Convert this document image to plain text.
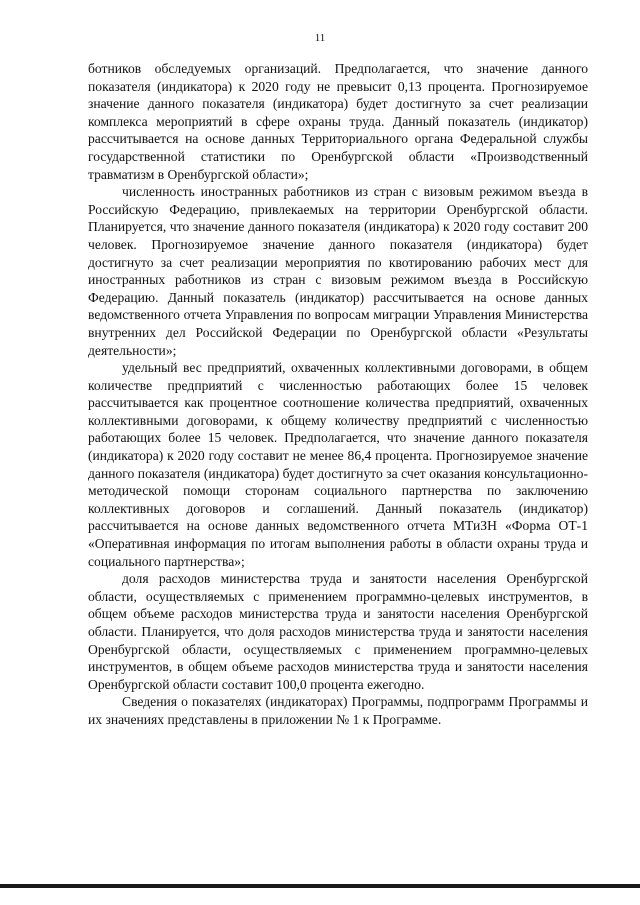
11

ботников обследуемых организаций. Предполагается, что значение данного показателя (индикатора) к 2020 году не превысит 0,13 процента. Прогнозируемое значение данного показателя (индикатора) будет достигнуто за счет реализации комплекса мероприятий в сфере охраны труда. Данный показатель (индикатор) рассчитывается на основе данных Территориального органа Федеральной службы государственной статистики по Оренбургской области «Производственный травматизм в Оренбургской области»;

численность иностранных работников из стран с визовым режимом въезда в Российскую Федерацию, привлекаемых на территории Оренбургской области. Планируется, что значение данного показателя (индикатора) к 2020 году составит 200 человек. Прогнозируемое значение данного показателя (индикатора) будет достигнуто за счет реализации мероприятия по квотированию рабочих мест для иностранных работников из стран с визовым режимом въезда в Российскую Федерацию. Данный показатель (индикатор) рассчитывается на основе данных ведомственного отчета Управления по вопросам миграции Управления Министерства внутренних дел Российской Федерации по Оренбургской области «Результаты деятельности»;

удельный вес предприятий, охваченных коллективными договорами, в общем количестве предприятий с численностью работающих более 15 человек рассчитывается как процентное соотношение количества предприятий, охваченных коллективными договорами, к общему количеству предприятий с численностью работающих более 15 человек. Предполагается, что значение данного показателя (индикатора) к 2020 году составит не менее 86,4 процента. Прогнозируемое значение данного показателя (индикатора) будет достигнуто за счет оказания консультационно-методической помощи сторонам социального партнерства по заключению коллективных договоров и соглашений. Данный показатель (индикатор) рассчитывается на основе данных ведомственного отчета МТиЗН «Форма ОТ-1 «Оперативная информация по итогам выполнения работы в области охраны труда и социального партнерства»;

доля расходов министерства труда и занятости населения Оренбургской области, осуществляемых с применением программно-целевых инструментов, в общем объеме расходов министерства труда и занятости населения Оренбургской области. Планируется, что доля расходов министерства труда и занятости населения Оренбургской области, осуществляемых с применением программно-целевых инструментов, в общем объеме расходов министерства труда и занятости населения Оренбургской области составит 100,0 процента ежегодно.

Сведения о показателях (индикаторах) Программы, подпрограмм Программы и их значениях представлены в приложении № 1 к Программе.
